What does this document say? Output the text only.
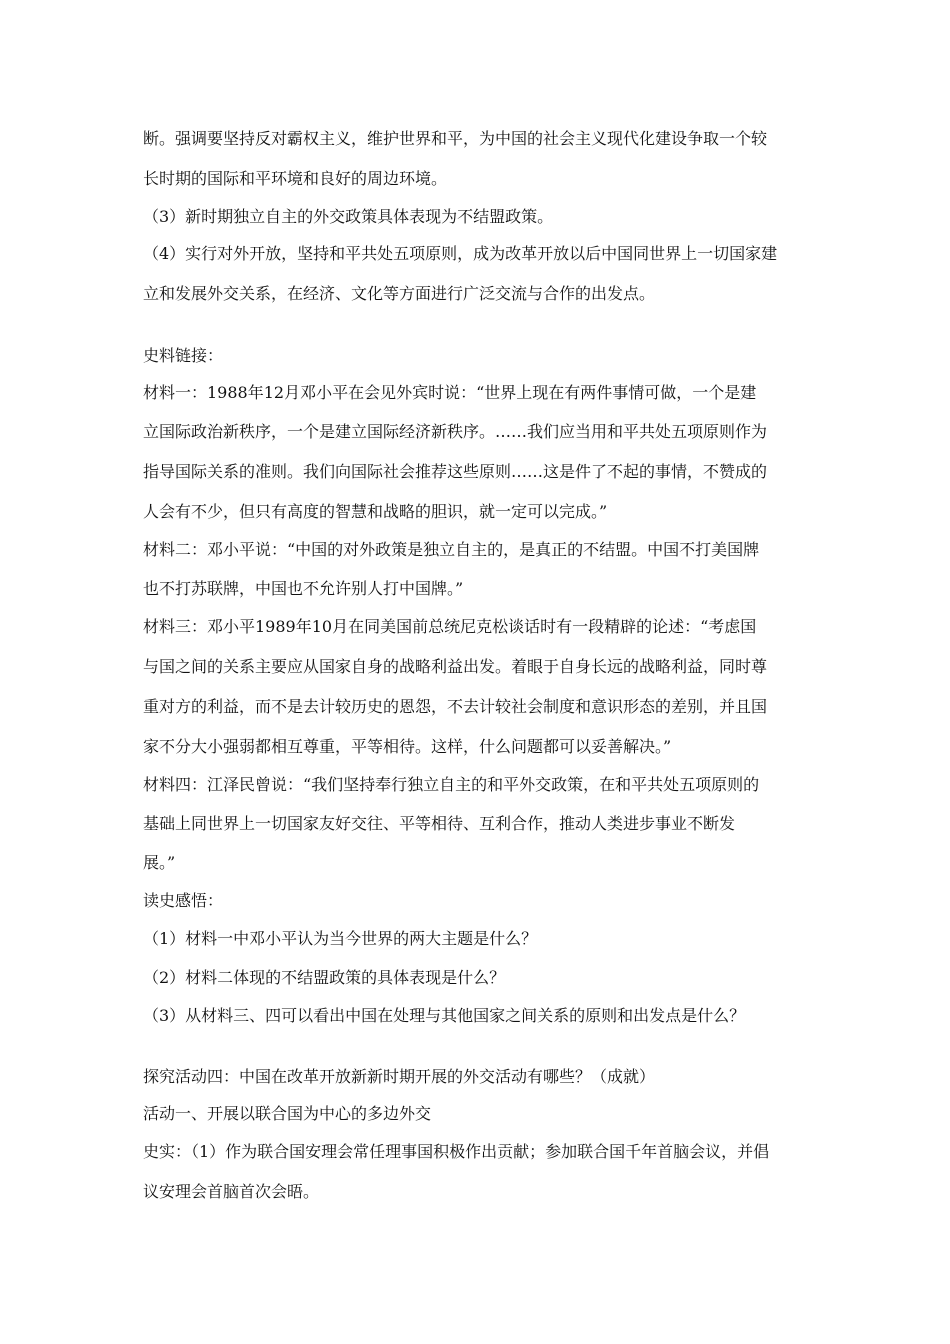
断。强调要坚持反对霸权主义，维护世界和平，为中国的社会主义现代化建设争取一个较
长时期的国际和平环境和良好的周边环境。
（3）新时期独立自主的外交政策具体表现为不结盟政策。
（4）实行对外开放，坚持和平共处五项原则，成为改革开放以后中国同世界上一切国家建
立和发展外交关系，在经济、文化等方面进行广泛交流与合作的出发点。
史料链接：
材料一：1988年12月邓小平在会见外宾时说：“世界上现在有两件事情可做，一个是建
立国际政治新秩序，一个是建立国际经济新秩序。……我们应当用和平共处五项原则作为
指导国际关系的准则。我们向国际社会推荐这些原则……这是件了不起的事情，不赞成的
人会有不少，但只有高度的智慧和战略的胆识，就一定可以完成。”
材料二：邓小平说：“中国的对外政策是独立自主的，是真正的不结盟。中国不打美国牌
也不打苏联牌，中国也不允许别人打中国牌。”
材料三：邓小平1989年10月在同美国前总统尼克松谈话时有一段精辟的论述：“考虑国
与国之间的关系主要应从国家自身的战略利益出发。着眼于自身长远的战略利益，同时尊
重对方的利益，而不是去计较历史的恩怨，不去计较社会制度和意识形态的差别，并且国
家不分大小强弱都相互尊重，平等相待。这样，什么问题都可以妥善解决。”
材料四：江泽民曾说：“我们坚持奉行独立自主的和平外交政策，在和平共处五项原则的
基础上同世界上一切国家友好交往、平等相待、互利合作，推动人类进步事业不断发
展。”
读史感悟：
（1）材料一中邓小平认为当今世界的两大主题是什么？
（2）材料二体现的不结盟政策的具体表现是什么？
（3）从材料三、四可以看出中国在处理与其他国家之间关系的原则和出发点是什么？
探究活动四：中国在改革开放新新时期开展的外交活动有哪些？（成就）
活动一、开展以联合国为中心的多边外交
史实：（1）作为联合国安理会常任理事国积极作出贡献；参加联合国千年首脑会议，并倡
议安理会首脑首次会晤。
